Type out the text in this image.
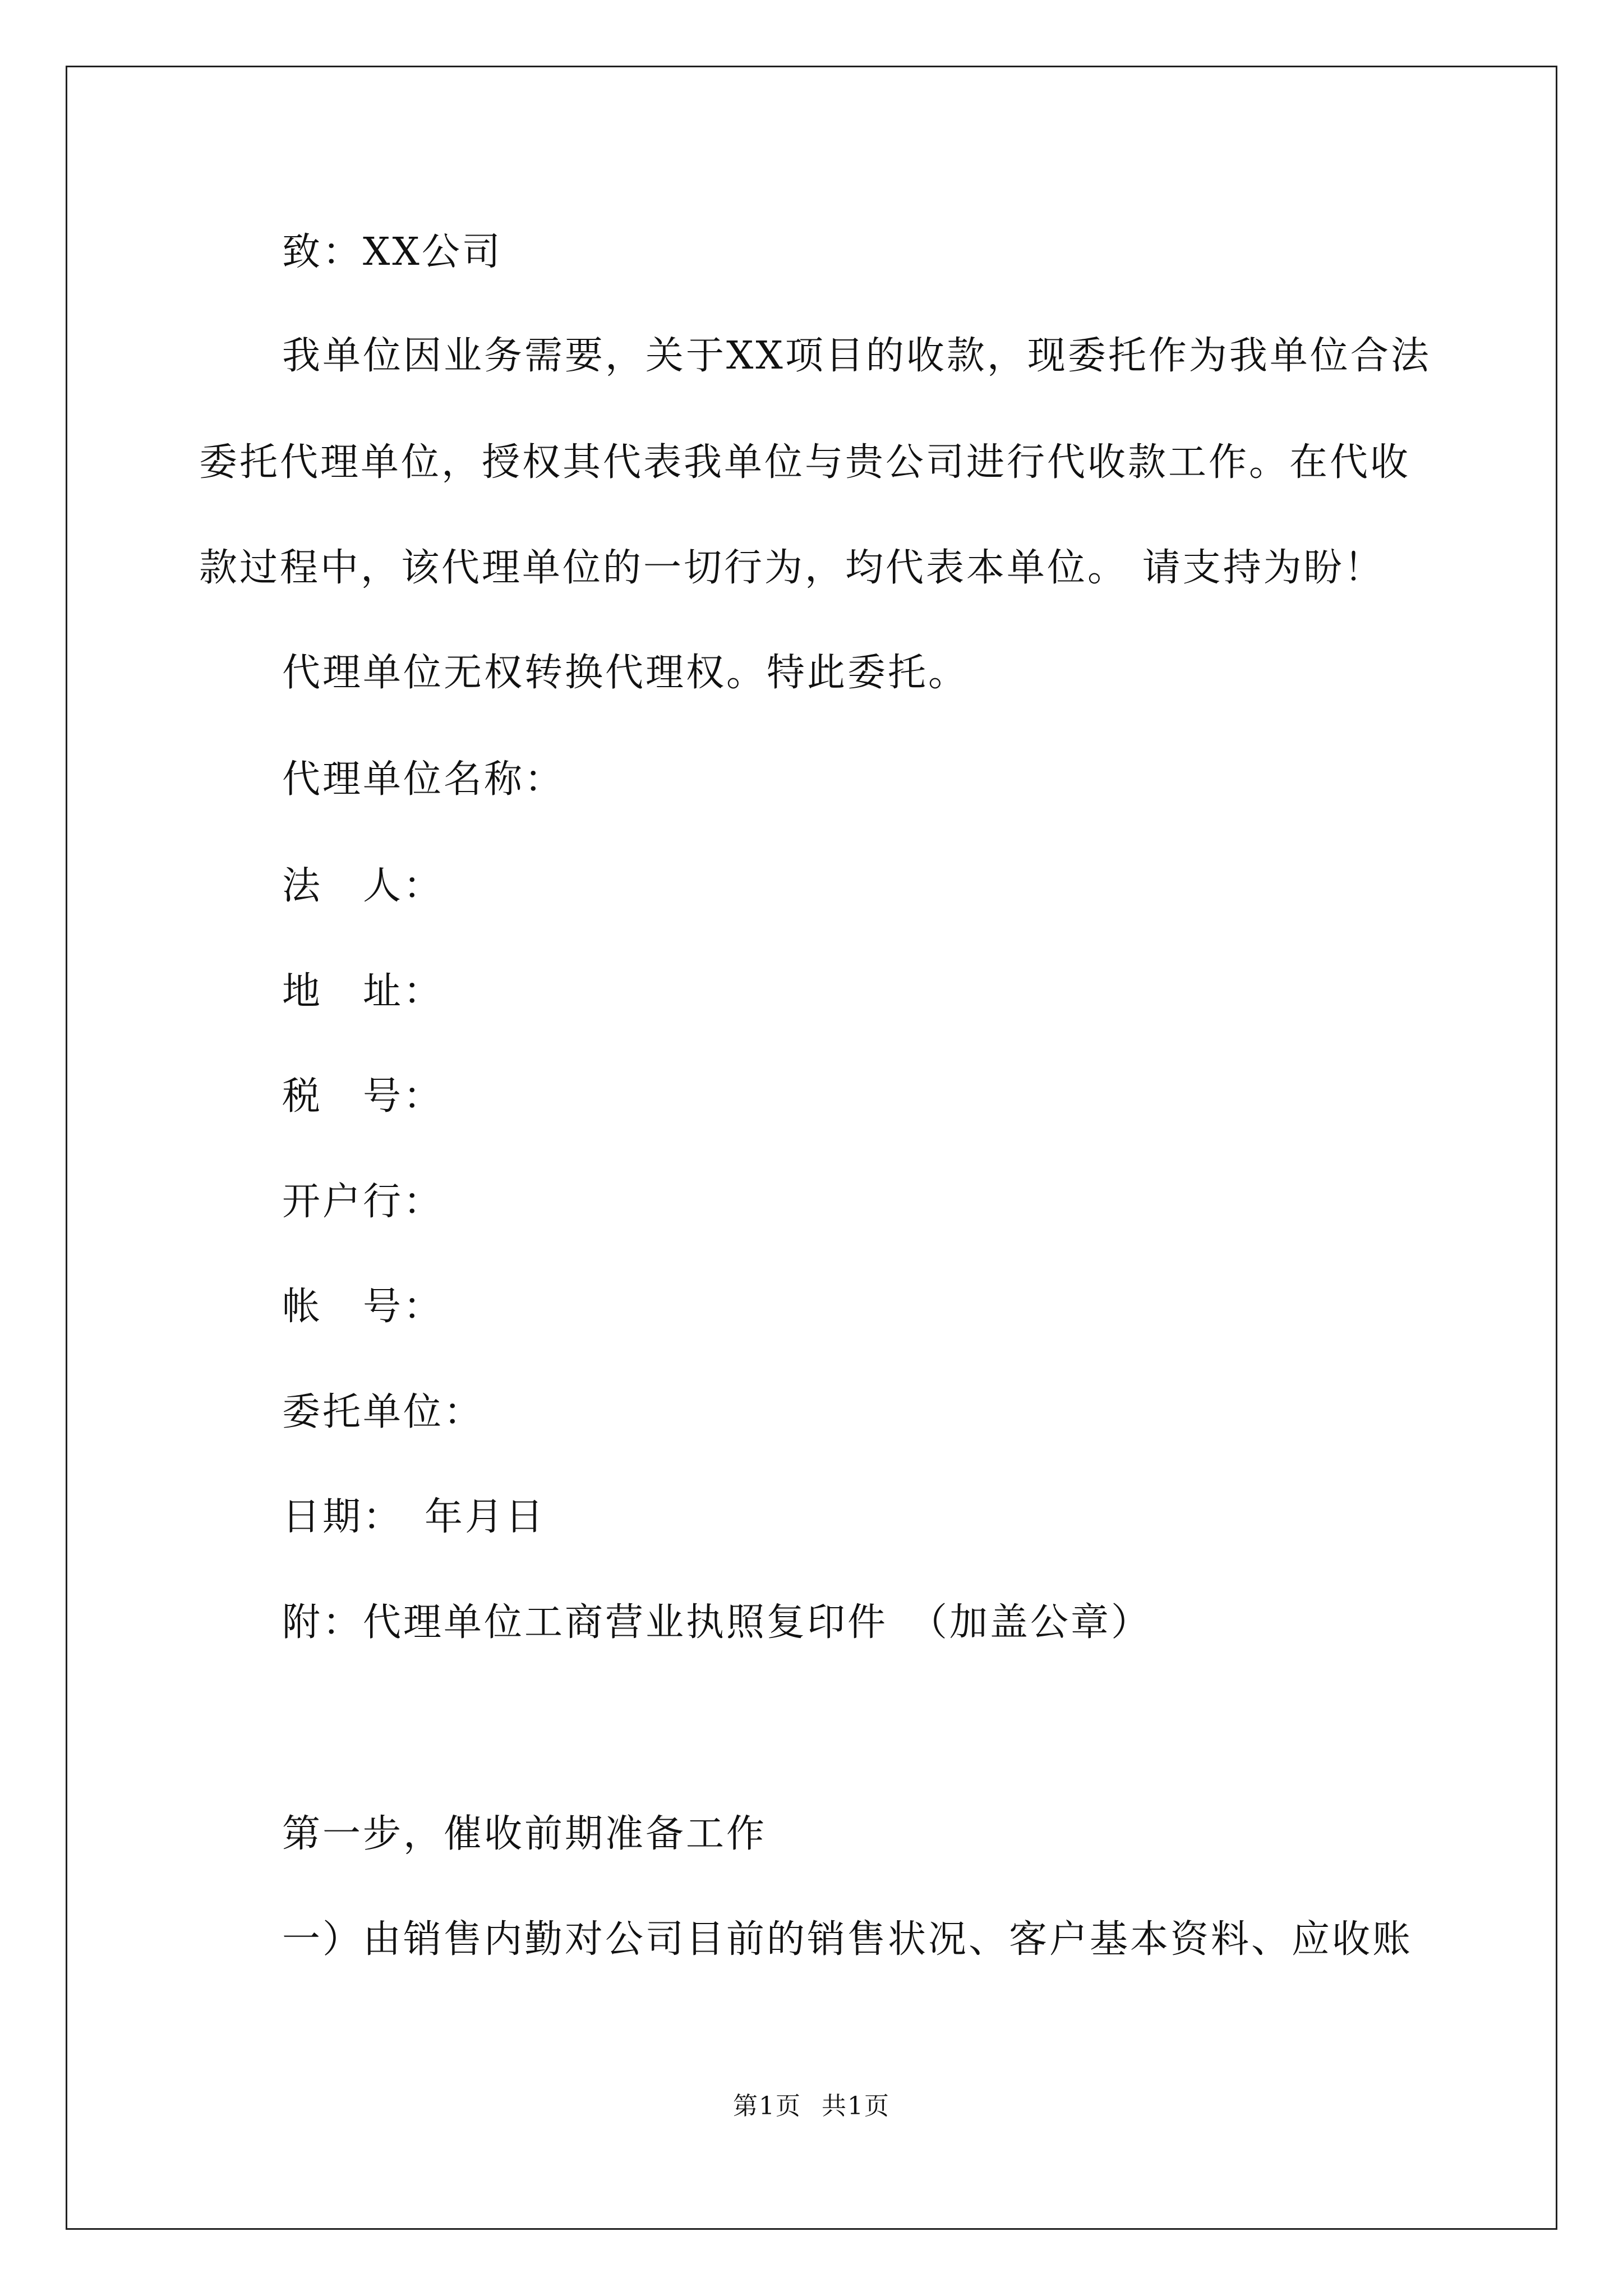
致：XX公司
我单位因业务需要，关于XX项目的收款，现委托作为我单位合法
委托代理单位，授权其代表我单位与贵公司进行代收款工作。在代收
款过程中，该代理单位的一切行为，均代表本单位。 请支持为盼！
代理单位无权转换代理权。特此委托。
代理单位名称：
法　人：
地　址：
税　号：
开户行：
帐　号：
委托单位：
日期：　年月日
附：代理单位工商营业执照复印件　（加盖公章）
第一步，催收前期准备工作
一）由销售内勤对公司目前的销售状况、客户基本资料、应收账
第1页 共1页
